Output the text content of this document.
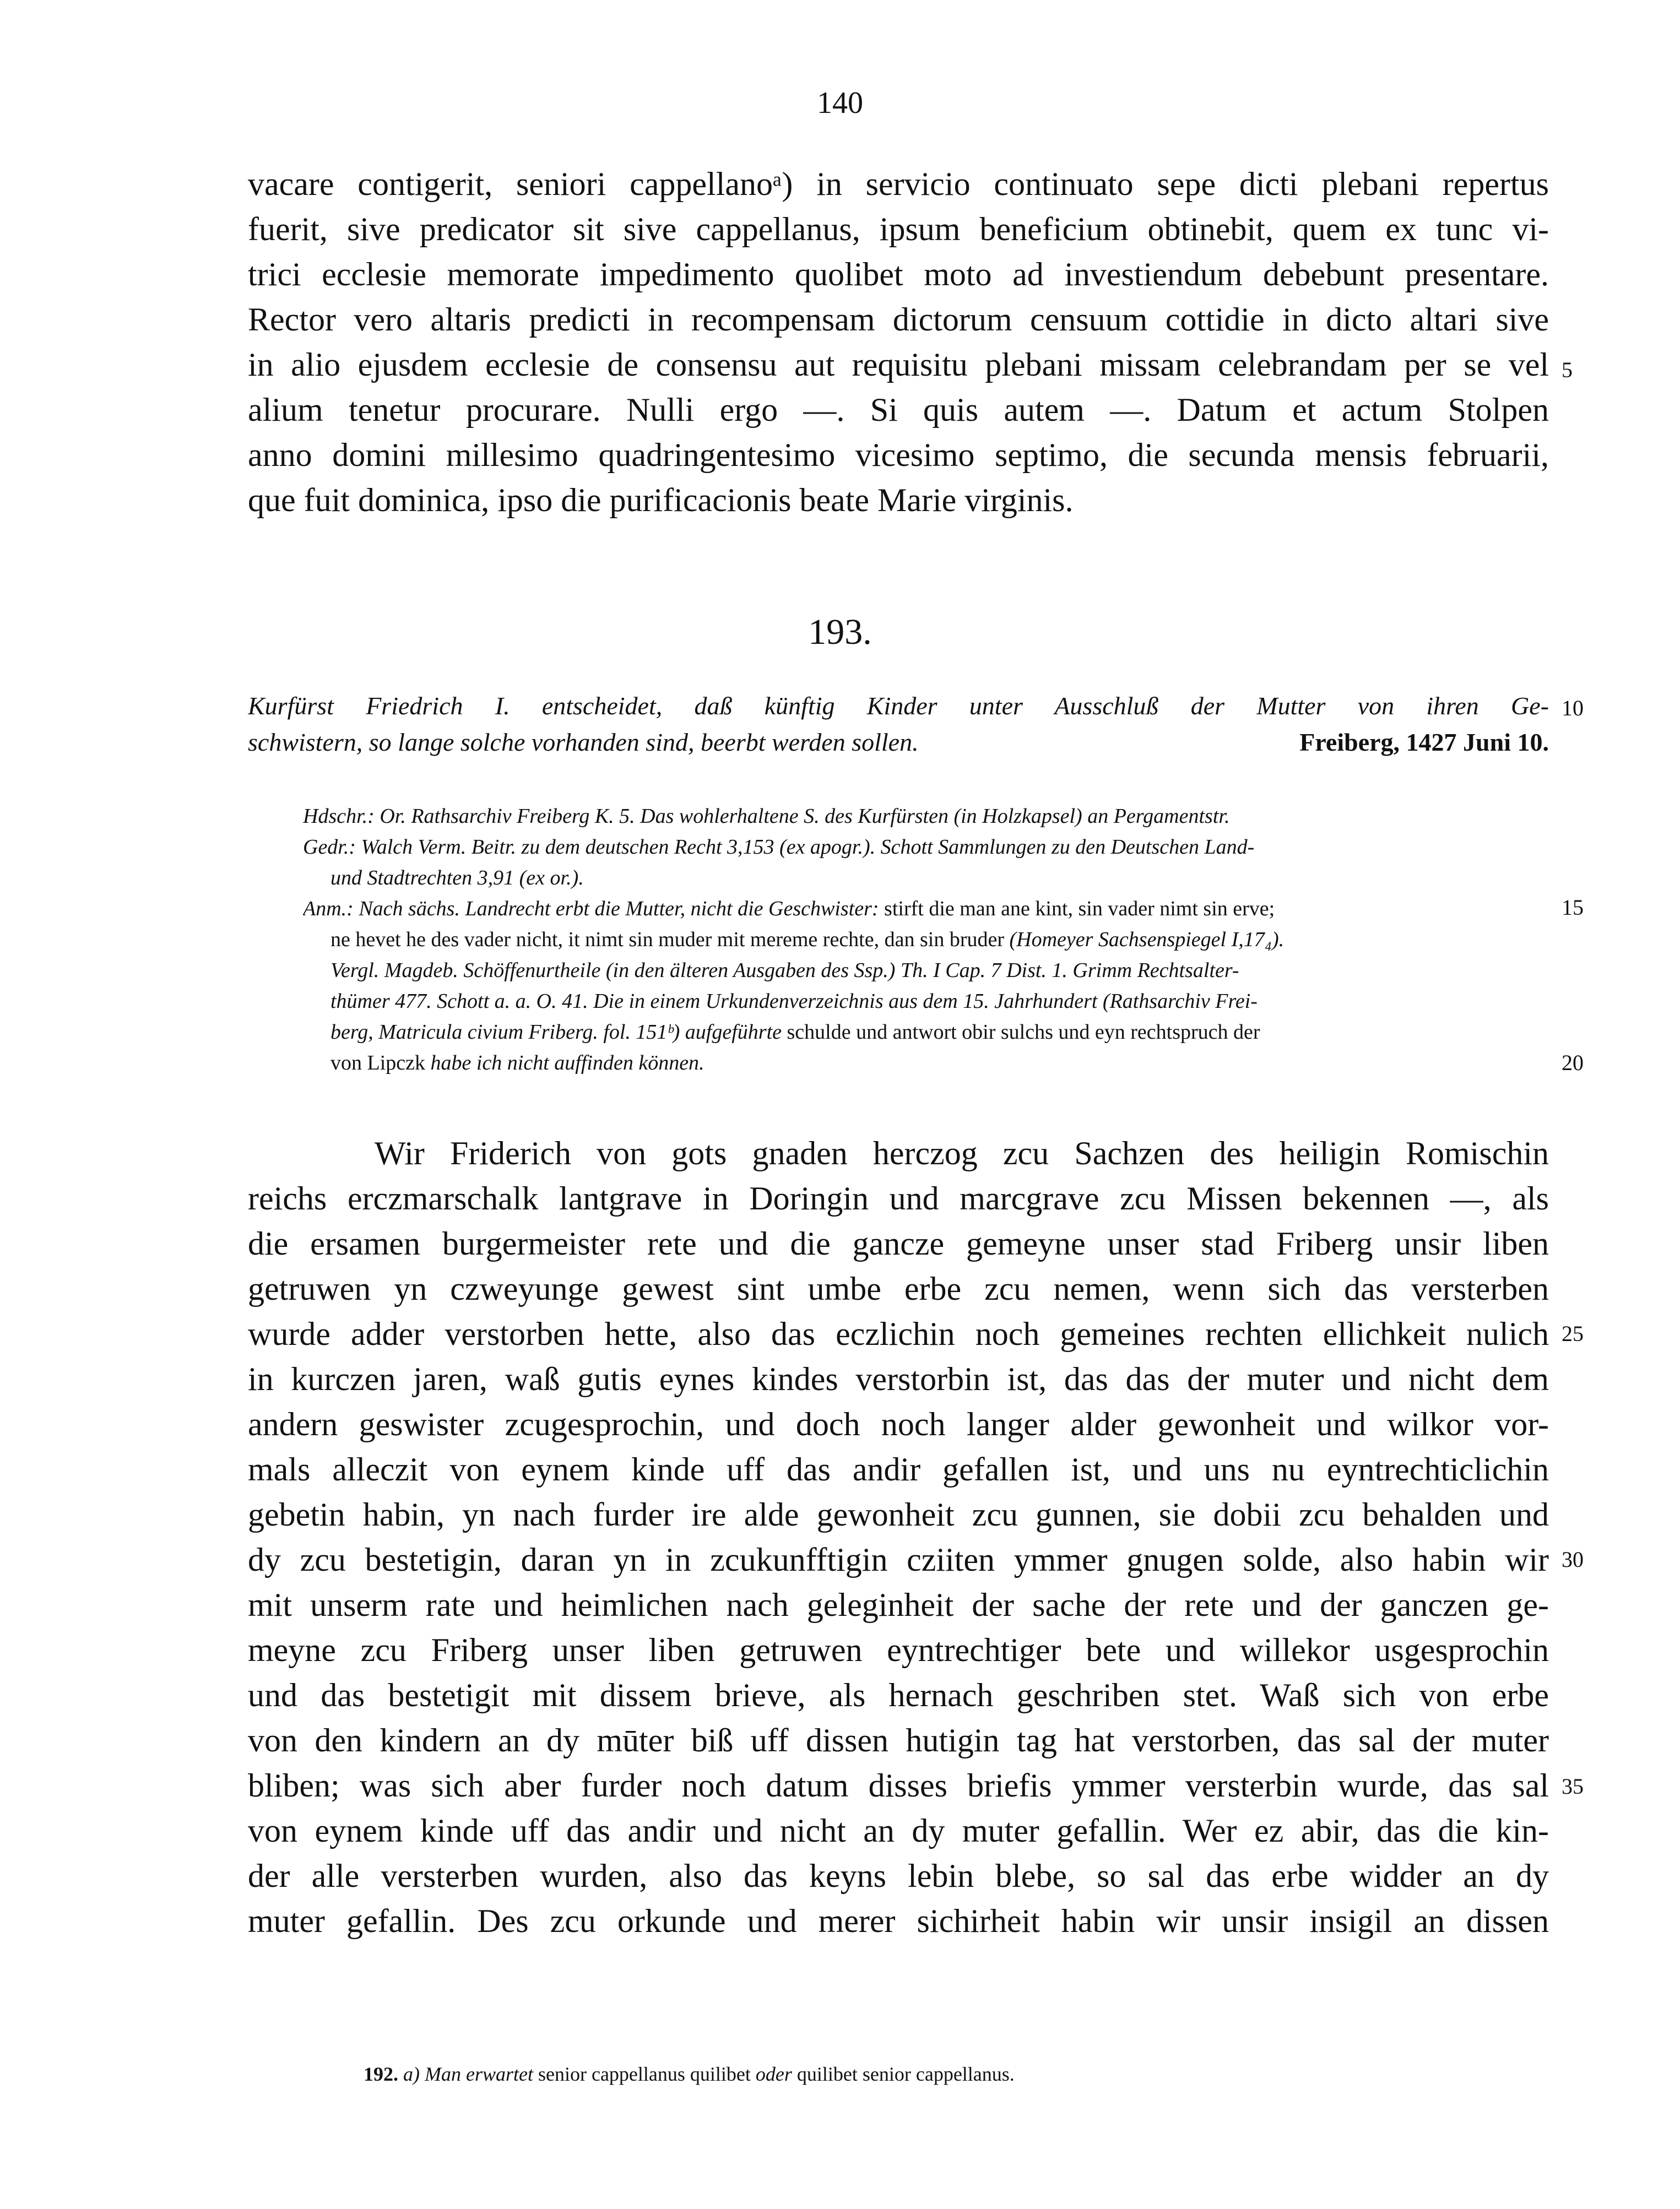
140
vacare contigerit, seniori cappellanoᵃ) in servicio continuato sepe dicti plebani repertus
fuerit, sive predicator sit sive cappellanus, ipsum beneficium obtinebit, quem ex tunc vi-
trici ecclesie memorate impedimento quolibet moto ad investiendum debebunt presentare.
Rector vero altaris predicti in recompensam dictorum censuum cottidie in dicto altari sive
in alio ejusdem ecclesie de consensu aut requisitu plebani missam celebrandam per se vel
alium tenetur procurare. Nulli ergo —. Si quis autem —. Datum et actum Stolpen
anno domini millesimo quadringentesimo vicesimo septimo, die secunda mensis februarii,
que fuit dominica, ipso die purificacionis beate Marie virginis.
193.
Kurfürst Friedrich I. entscheidet, daß künftig Kinder unter Ausschluß der Mutter von ihren Ge-
schwistern, so lange solche vorhanden sind, beerbt werden sollen.	Freiberg, 1427 Juni 10.
Hdschr.: Or. Rathsarchiv Freiberg K. 5. Das wohlerhaltene S. des Kurfürsten (in Holzkapsel) an Pergamentstr.
Gedr.: Walch Verm. Beitr. zu dem deutschen Recht 3,153 (ex apogr.). Schott Sammlungen zu den Deutschen Land-
und Stadtrechten 3,91 (ex or.).
Anm.: Nach sächs. Landrecht erbt die Mutter, nicht die Geschwister: stirft die man ane kint, sin vader nimt sin erve;
ne hevet he des vader nicht, it nimt sin muder mit mereme rechte, dan sin bruder (Homeyer Sachsenspiegel I,17₄).
Vergl. Magdeb. Schöffenurtheile (in den älteren Ausgaben des Ssp.) Th. I Cap. 7 Dist. 1. Grimm Rechtsalter-
thümer 477. Schott a. a. O. 41. Die in einem Urkundenverzeichnis aus dem 15. Jahrhundert (Rathsarchiv Frei-
berg, Matricula civium Friberg. fol. 151ᵇ) aufgeführte schulde und antwort obir sulchs und eyn rechtspruch der
von Lipczk habe ich nicht auffinden können.
Wir Friderich von gots gnaden herczog zcu Sachzen des heiligin Romischin
reichs erczmarschalk lantgrave in Doringin und marcgrave zcu Missen bekennen —, als
die ersamen burgermeister rete und die gancze gemeyne unser stad Friberg unsir liben
getruwen yn czweyunge gewest sint umbe erbe zcu nemen, wenn sich das versterben
wurde adder verstorben hette, also das eczlichin noch gemeines rechten ellichkeit nulich
in kurczen jaren, waß gutis eynes kindes verstorbin ist, das das der muter und nicht dem
andern geswister zcugesprochin, und doch noch langer alder gewonheit und wilkor vor-
mals alleczit von eynem kinde uff das andir gefallen ist, und uns nu eyntrechticlichin
gebetin habin, yn nach furder ire alde gewonheit zcu gunnen, sie dobii zcu behalden und
dy zcu bestetigin, daran yn in zcukunfftigin cziiten ymmer gnugen solde, also habin wir
mit unserm rate und heimlichen nach geleginheit der sache der rete und der ganczen ge-
meyne zcu Friberg unser liben getruwen eyntrechtiger bete und willekor usgesprochin
und das bestetigit mit dissem brieve, als hernach geschriben stet. Waß sich von erbe
von den kindern an dy mūter biß uff dissen hutigin tag hat verstorben, das sal der muter
bliben; was sich aber furder noch datum disses briefis ymmer versterbin wurde, das sal
von eynem kinde uff das andir und nicht an dy muter gefallin. Wer ez abir, das die kin-
der alle versterben wurden, also das keyns lebin blebe, so sal das erbe widder an dy
muter gefallin. Des zcu orkunde und merer sichirheit habin wir unsir insigil an dissen
5
10
15
20
25
30
35
192. a) Man erwartet senior cappellanus quilibet oder quilibet senior cappellanus.
